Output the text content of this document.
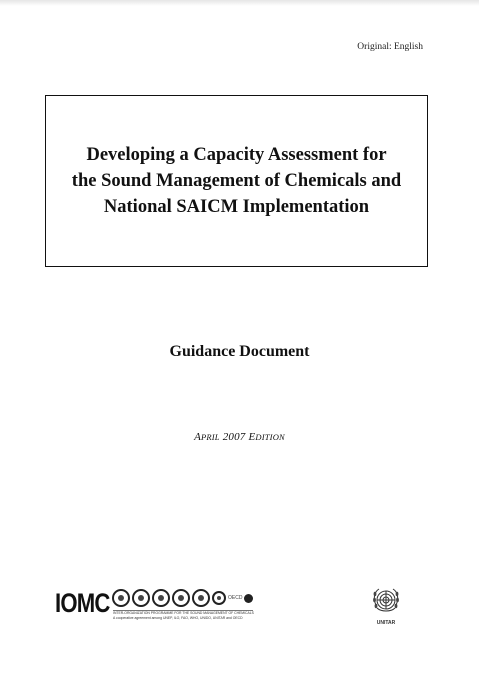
Original: English
Developing a Capacity Assessment for
the Sound Management of Chemicals and
National SAICM Implementation
Guidance Document
APRIL 2007 EDITION
IOMC	OECD
INTER-ORGANIZATION PROGRAMME FOR THE SOUND MANAGEMENT OF CHEMICALS
A cooperative agreement among UNEP, ILO, FAO, WHO, UNIDO, UNITAR and OECD
UNITAR
